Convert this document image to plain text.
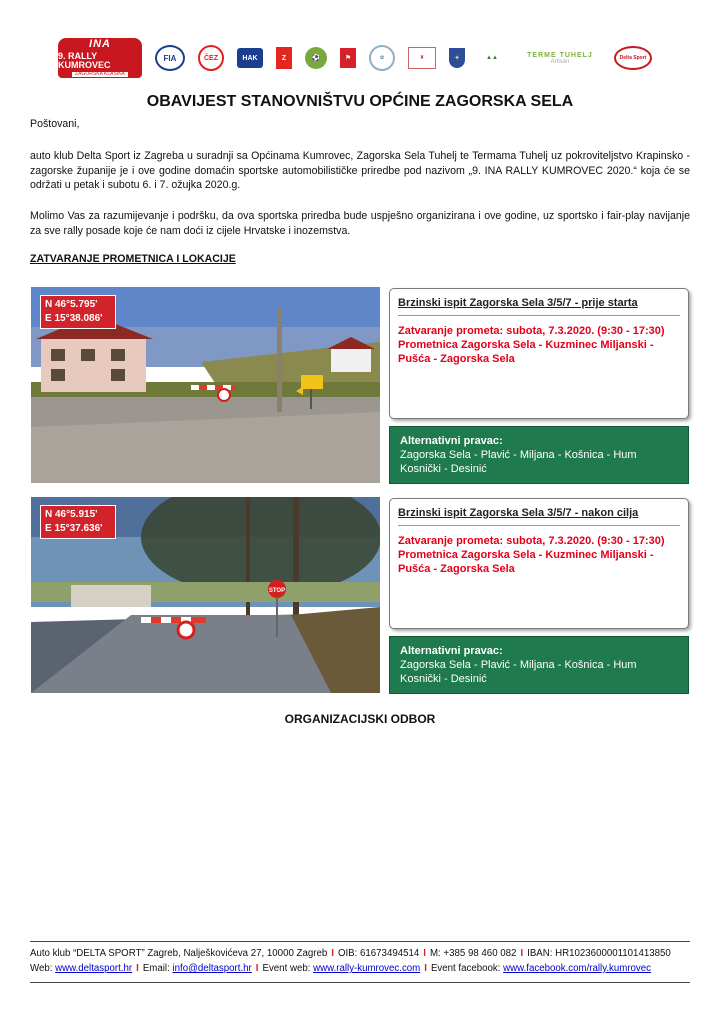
INA
9. RALLY KUMROVEC
ZAGORSKA KLASIKA
FIA	ČEZ	HAK	Z	⚽	⚑	✿	♜	✦	▲▲	TERME TUHELJ
Artisan
Delta Sport
OBAVIJEST STANOVNIŠTVU OPĆINE ZAGORSKA SELA
Poštovani,
auto klub Delta Sport iz Zagreba u suradnji sa Općinama Kumrovec, Zagorska Sela Tuhelj te Termama Tuhelj uz pokroviteljstvo Krapinsko - zagorske županije je i ove godine domaćin sportske automobilističke priredbe pod nazivom „9. INA RALLY KUMROVEC 2020.“ koja će se održati u petak i subotu 6. i 7. ožujka 2020.g.
Molimo Vas za razumijevanje i podršku, da ova sportska priredba bude uspješno organizirana i ove godine, uz sportsko i fair-play navijanje za sve rally posade koje će nam doći iz cijele Hrvatske i inozemstva.
ZATVARANJE PROMETNICA I LOKACIJE
N 46°5.795'
E 15°38.086'
Brzinski ispit Zagorska Sela 3/5/7 - prije starta
Zatvaranje prometa: subota, 7.3.2020. (9:30 - 17:30)
Prometnica Zagorska Sela - Kuzminec Miljanski - Pušća - Zagorska Sela
Alternativni pravac:
Zagorska Sela - Plavić - Miljana - Košnica - Hum Kosnički - Desinić
STOP
N 46°5.915'
E 15°37.636'
Brzinski ispit Zagorska Sela 3/5/7 - nakon cilja
Zatvaranje prometa: subota, 7.3.2020. (9:30 - 17:30)
Prometnica Zagorska Sela - Kuzminec Miljanski - Pušća - Zagorska Sela
Alternativni pravac:
Zagorska Sela - Plavić - Miljana - Košnica - Hum Kosnički - Desinić
ORGANIZACIJSKI ODBOR
Auto klub “DELTA SPORT” Zagreb, Nalješkovićeva 27, 10000 Zagreb I OIB: 61673494514 I M: +385 98 460 082 I IBAN: HR1023600001101413850
Web: www.deltasport.hr I Email: info@deltasport.hr I Event web: www.rally-kumrovec.com I Event facebook: www.facebook.com/rally.kumrovec
